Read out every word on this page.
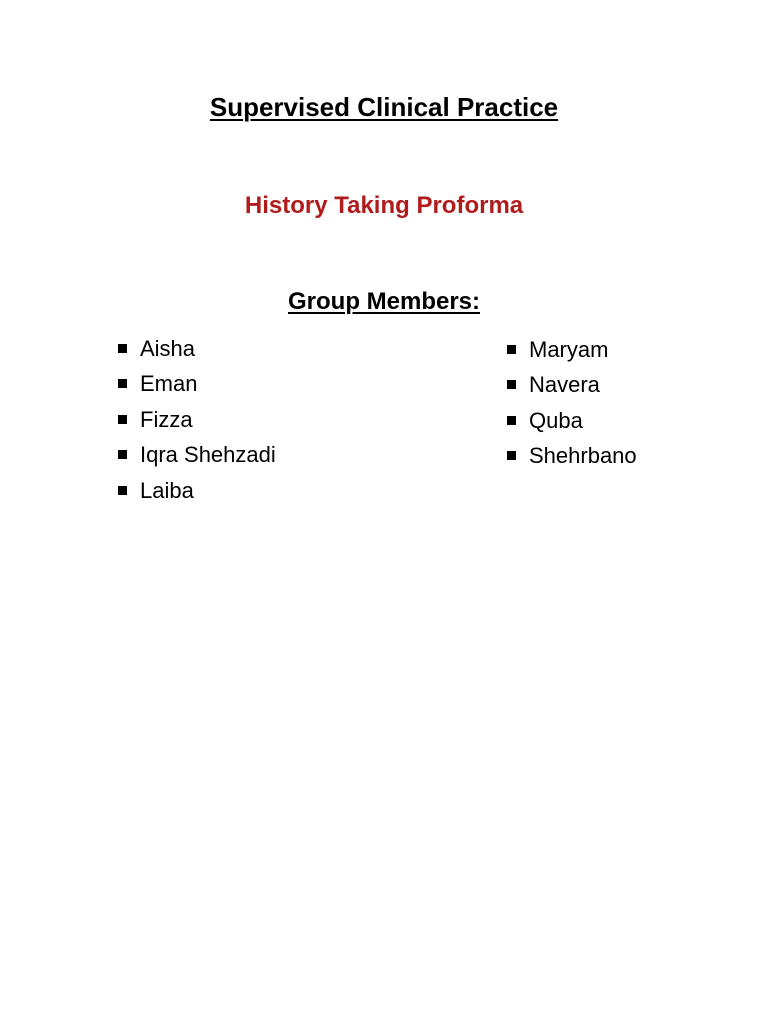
Supervised Clinical Practice
History Taking Proforma
Group Members:
Aisha
Eman
Fizza
Iqra Shehzadi
Laiba
Maryam
Navera
Quba
Shehrbano
